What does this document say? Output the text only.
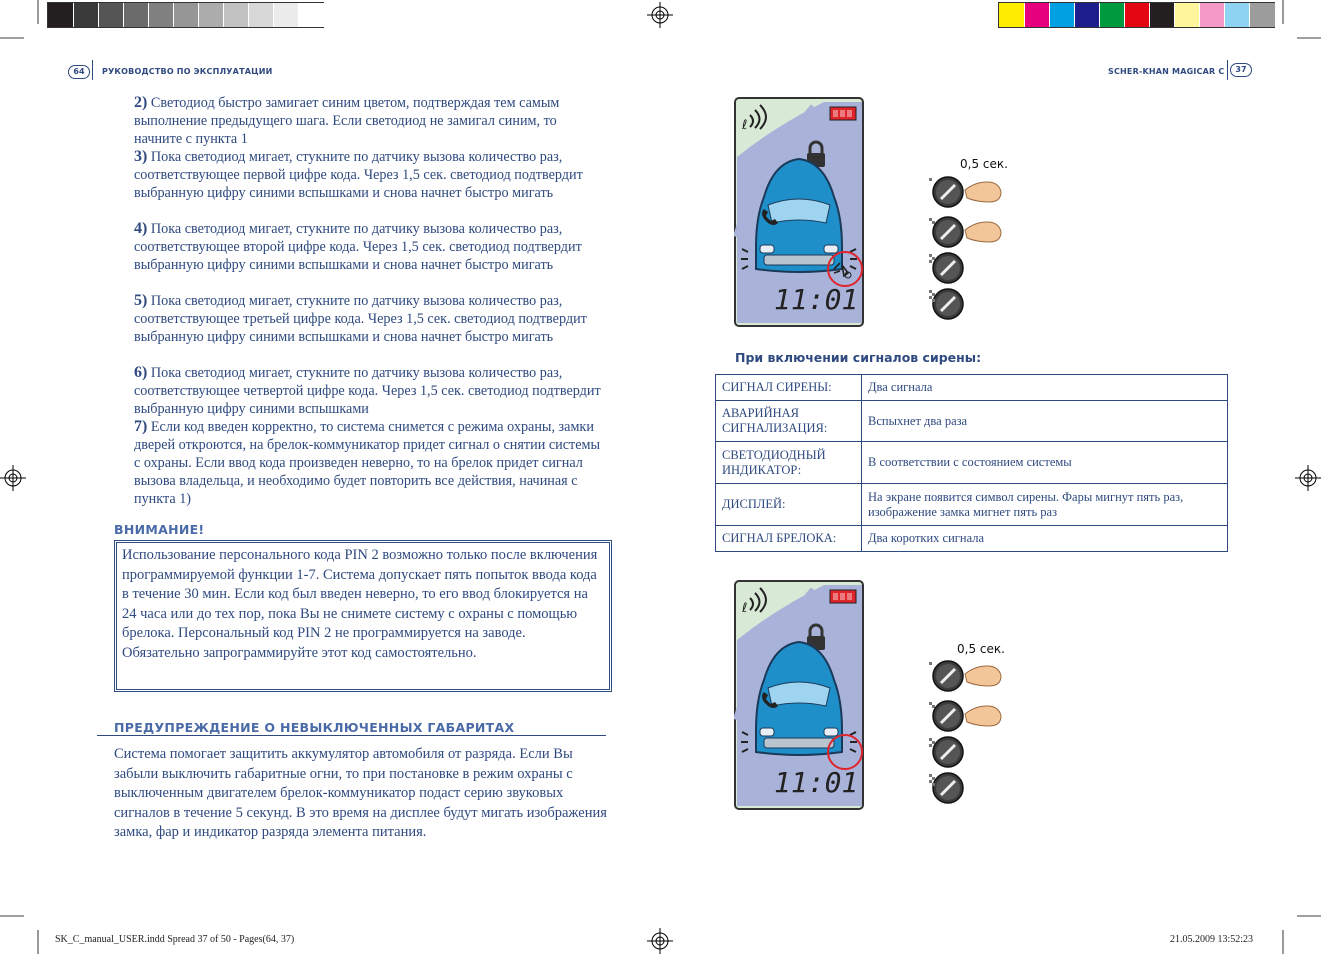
64	РУКОВОДСТВО ПО ЭКСПЛУАТАЦИИ	SCHER-KHAN MAGICAR C	37
2) Светодиод быстро замигает синим цветом, подтверждая тем самым выполнение предыдущего шага. Если светодиод не замигал синим, то начните с пункта 1
3) Пока светодиод мигает, стукните по датчику вызова количество раз, соответствующее первой цифре кода. Через 1,5 сек. светодиод подтвердит выбранную цифру синими вспышками и снова начнет быстро мигать
4) Пока светодиод мигает, стукните по датчику вызова количество раз, соответствующее второй цифре кода. Через 1,5 сек. светодиод подтвердит выбранную цифру синими вспышками и снова начнет быстро мигать
5) Пока светодиод мигает, стукните по датчику вызова количество раз, соответствующее третьей цифре кода. Через 1,5 сек. светодиод подтвердит выбранную цифру синими вспышками и снова начнет быстро мигать
6) Пока светодиод мигает, стукните по датчику вызова количество раз, соответствующее четвертой цифре кода. Через 1,5 сек. светодиод подтвердит выбранную цифру синими вспышками
7) Если код введен корректно, то система снимется с режима охраны, замки дверей откроются, на брелок-коммуникатор придет сигнал о снятии системы с охраны. Если ввод кода произведен неверно, то на брелок придет сигнал вызова владельца, и необходимо будет повторить все действия, начиная с пункта 1)
ВНИМАНИЕ!
Использование персонального кода PIN 2 возможно только после включения программируемой функции 1-7. Система допускает пять попыток ввода кода в течение 30 мин. Если код был введен неверно, то его ввод блокируется на 24 часа или до тех пор, пока Вы не снимете систему с охраны с помощью брелока. Персональный код PIN 2 не программируется на заводе. Обязательно запрограммируйте этот код самостоятельно.
ПРЕДУПРЕЖДЕНИЕ О НЕВЫКЛЮЧЕННЫХ ГАБАРИТАХ
Система помогает защитить аккумулятор автомобиля от разряда. Если Вы забыли выключить габаритные огни, то при постановке в режим охраны с выключенным двигателем брелок-коммуникатор подаст серию звуковых сигналов в течение 5 секунд. В это время на дисплее будут мигать изображения замка, фар и индикатор разряда элемента питания.
ℓ
11:01
ℓ
11:01
0,5 сек.
0,5 сек.
При включении сигналов сирены:
СИГНАЛ СИРЕНЫ:	Два сигнала
АВАРИЙНАЯ СИГНАЛИЗАЦИЯ:	Вспыхнет два раза
СВЕТОДИОДНЫЙ ИНДИКАТОР:	В соответствии с состоянием системы
ДИСПЛЕЙ:	На экране появится символ сирены. Фары мигнут пять раз, изображение замка мигнет пять раз
СИГНАЛ БРЕЛОКА:	Два коротких сигнала
SK_C_manual_USER.indd Spread 37 of 50 - Pages(64, 37)	21.05.2009 13:52:23
